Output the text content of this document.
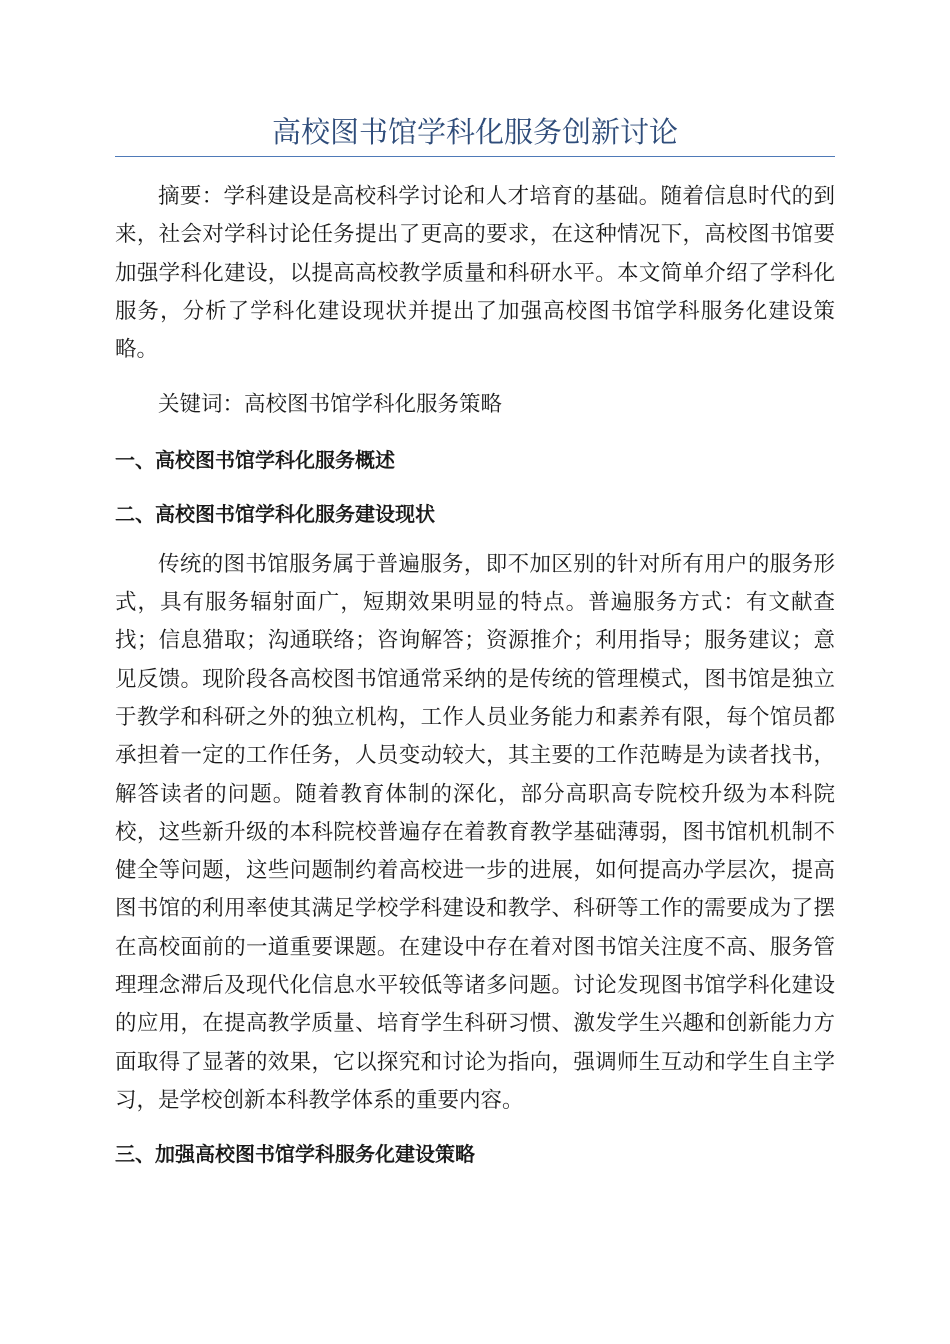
高校图书馆学科化服务创新讨论

摘要：学科建设是高校科学讨论和人才培育的基础。随着信息时代的到来，社会对学科讨论任务提出了更高的要求，在这种情况下，高校图书馆要加强学科化建设，以提高高校教学质量和科研水平。本文简单介绍了学科化服务，分析了学科化建设现状并提出了加强高校图书馆学科服务化建设策略。

关键词：高校图书馆学科化服务策略

一、高校图书馆学科化服务概述
二、高校图书馆学科化服务建设现状

传统的图书馆服务属于普遍服务，即不加区别的针对所有用户的服务形式，具有服务辐射面广，短期效果明显的特点。普遍服务方式：有文献查找；信息猎取；沟通联络；咨询解答；资源推介；利用指导；服务建议；意见反馈。现阶段各高校图书馆通常采纳的是传统的管理模式，图书馆是独立于教学和科研之外的独立机构，工作人员业务能力和素养有限，每个馆员都承担着一定的工作任务，人员变动较大，其主要的工作范畴是为读者找书，解答读者的问题。随着教育体制的深化，部分高职高专院校升级为本科院校，这些新升级的本科院校普遍存在着教育教学基础薄弱，图书馆机机制不健全等问题，这些问题制约着高校进一步的进展，如何提高办学层次，提高图书馆的利用率使其满足学校学科建设和教学、科研等工作的需要成为了摆在高校面前的一道重要课题。在建设中存在着对图书馆关注度不高、服务管理理念滞后及现代化信息水平较低等诸多问题。讨论发现图书馆学科化建设的应用，在提高教学质量、培育学生科研习惯、激发学生兴趣和创新能力方面取得了显著的效果，它以探究和讨论为指向，强调师生互动和学生自主学习，是学校创新本科教学体系的重要内容。

三、加强高校图书馆学科服务化建设策略
